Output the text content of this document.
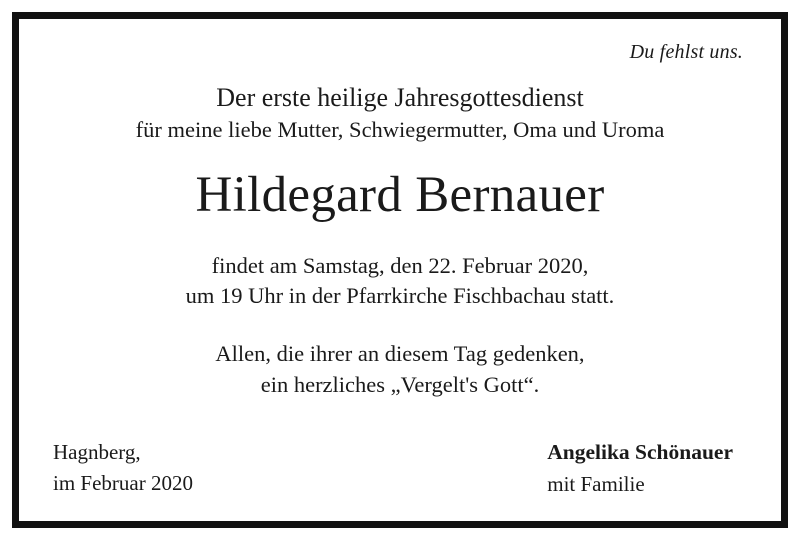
Du fehlst uns.
Der erste heilige Jahresgottesdienst
für meine liebe Mutter, Schwiegermutter, Oma und Uroma
Hildegard Bernauer
findet am Samstag, den 22. Februar 2020,
um 19 Uhr in der Pfarrkirche Fischbachau statt.
Allen, die ihrer an diesem Tag gedenken,
ein herzliches „Vergelt's Gott“.
Hagnberg,
im Februar 2020
Angelika Schönauer
mit Familie
